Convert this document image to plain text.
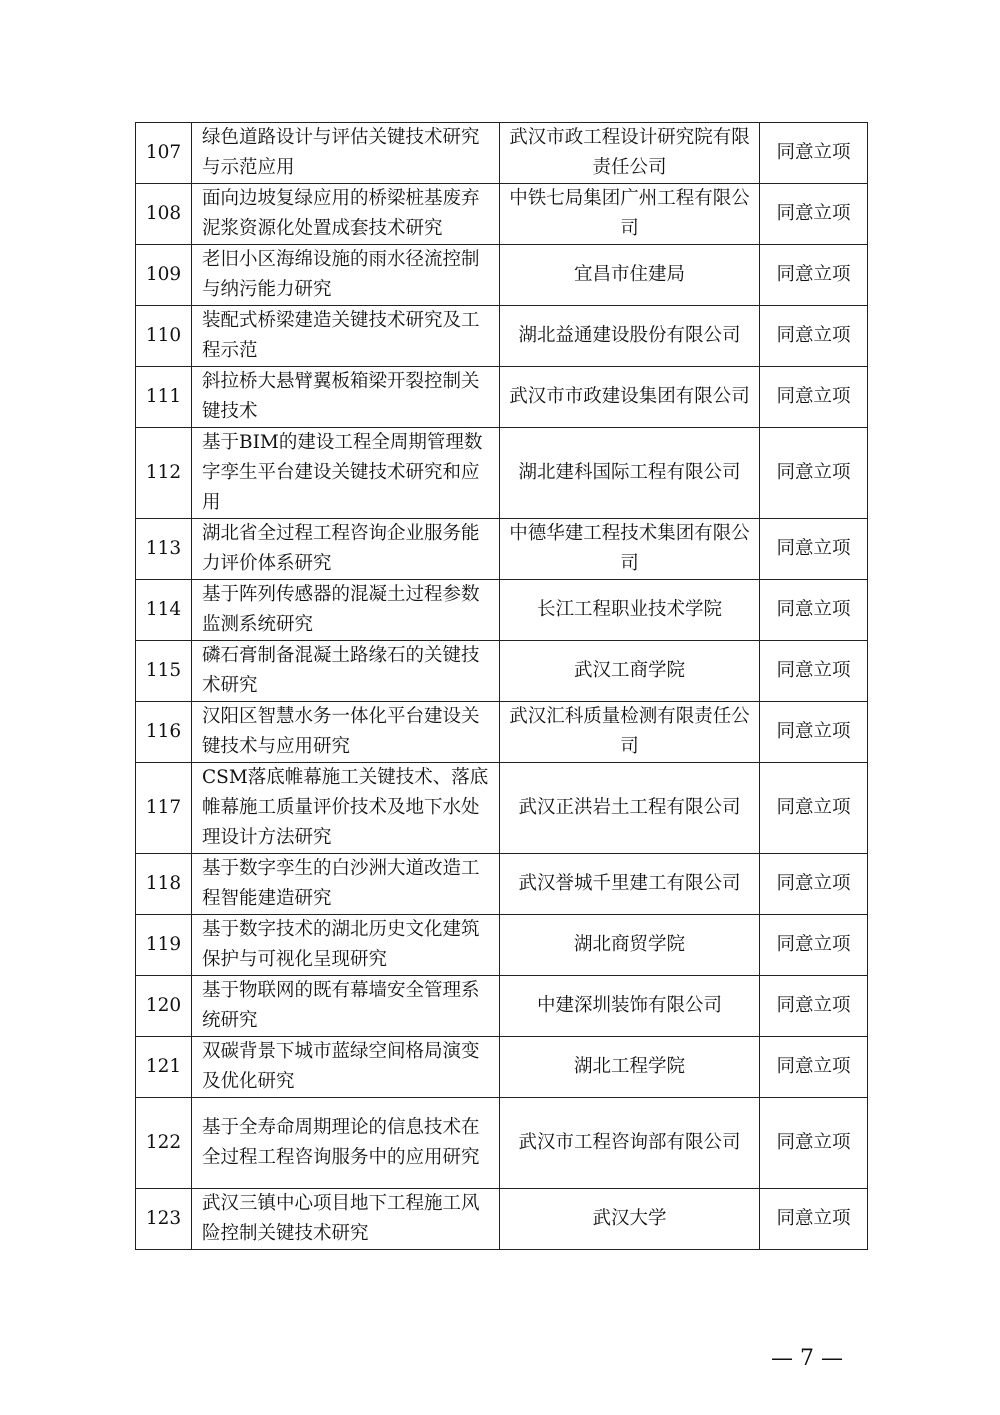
107	绿色道路设计与评估关键技术研究与示范应用	武汉市政工程设计研究院有限责任公司	同意立项
108	面向边坡复绿应用的桥梁桩基废弃泥浆资源化处置成套技术研究	中铁七局集团广州工程有限公司	同意立项
109	老旧小区海绵设施的雨水径流控制与纳污能力研究	宜昌市住建局	同意立项
110	装配式桥梁建造关键技术研究及工程示范	湖北益通建设股份有限公司	同意立项
111	斜拉桥大悬臂翼板箱梁开裂控制关键技术	武汉市市政建设集团有限公司	同意立项
112	基于BIM的建设工程全周期管理数字孪生平台建设关键技术研究和应用	湖北建科国际工程有限公司	同意立项
113	湖北省全过程工程咨询企业服务能力评价体系研究	中德华建工程技术集团有限公司	同意立项
114	基于阵列传感器的混凝土过程参数监测系统研究	长江工程职业技术学院	同意立项
115	磷石膏制备混凝土路缘石的关键技术研究	武汉工商学院	同意立项
116	汉阳区智慧水务一体化平台建设关键技术与应用研究	武汉汇科质量检测有限责任公司	同意立项
117	CSM落底帷幕施工关键技术、落底帷幕施工质量评价技术及地下水处理设计方法研究	武汉正洪岩土工程有限公司	同意立项
118	基于数字孪生的白沙洲大道改造工程智能建造研究	武汉誉城千里建工有限公司	同意立项
119	基于数字技术的湖北历史文化建筑保护与可视化呈现研究	湖北商贸学院	同意立项
120	基于物联网的既有幕墙安全管理系统研究	中建深圳装饰有限公司	同意立项
121	双碳背景下城市蓝绿空间格局演变及优化研究	湖北工程学院	同意立项
122	基于全寿命周期理论的信息技术在全过程工程咨询服务中的应用研究	武汉市工程咨询部有限公司	同意立项
123	武汉三镇中心项目地下工程施工风险控制关键技术研究	武汉大学	同意立项
— 7 —
